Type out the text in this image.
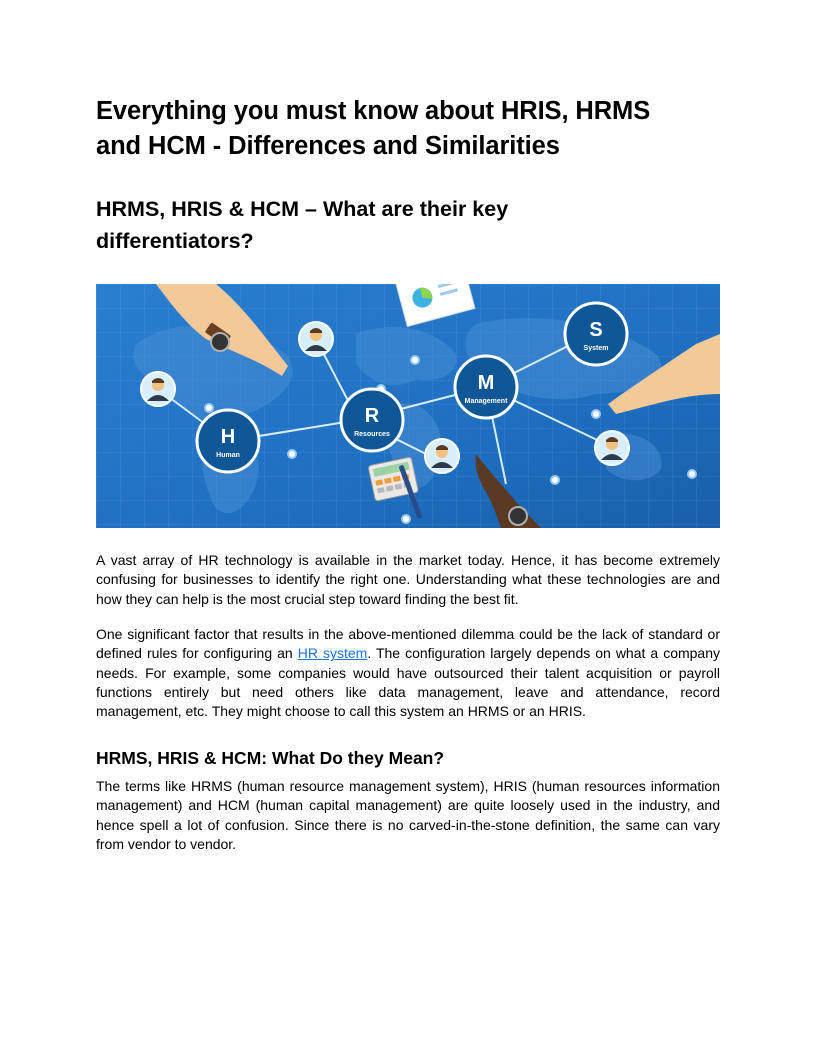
Everything you must know about HRIS, HRMS
and HCM - Differences and Similarities
HRMS, HRIS & HCM – What are their key
differentiators?
H
Human
R
Resources
M
Management
S
System

A vast array of HR technology is available in the market today. Hence, it has become extremely confusing for businesses to identify the right one. Understanding what these technologies are and how they can help is the most crucial step toward finding the best fit.

One significant factor that results in the above-mentioned dilemma could be the lack of standard or defined rules for configuring an HR system. The configuration largely depends on what a company needs. For example, some companies would have outsourced their talent acquisition or payroll functions entirely but need others like data management, leave and attendance, record management, etc. They might choose to call this system an HRMS or an HRIS.

HRMS, HRIS & HCM: What Do they Mean?

The terms like HRMS (human resource management system), HRIS (human resources information management) and HCM (human capital management) are quite loosely used in the industry, and hence spell a lot of confusion. Since there is no carved-in-the-stone definition, the same can vary from vendor to vendor.
